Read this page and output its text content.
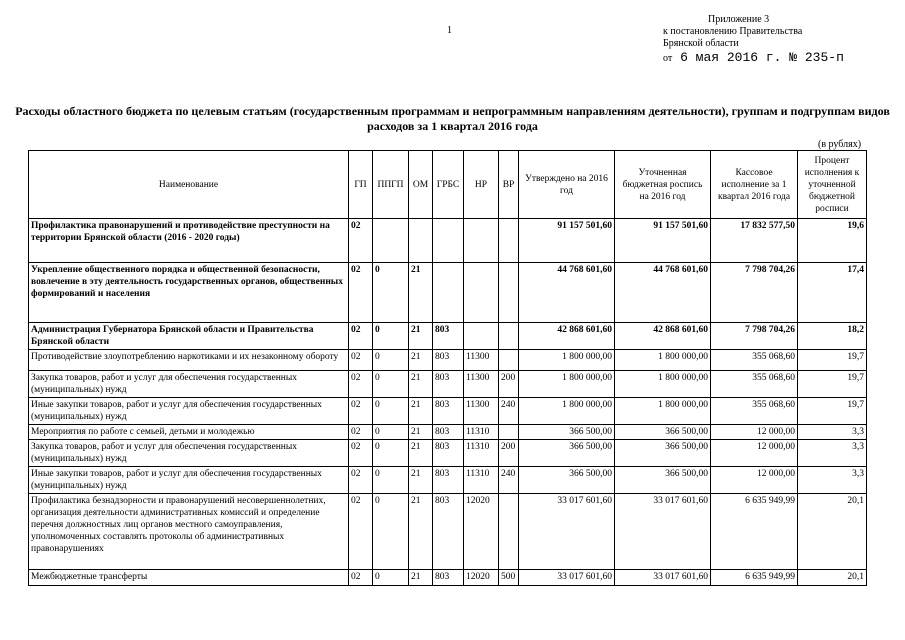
1
Приложение 3
к постановлению Правительства
Брянской области
от 6 мая 2016 г. № 235-п
Расходы областного бюджета по целевым статьям (государственным программам и непрограммным направлениям деятельности), группам и подгруппам видов расходов за 1 квартал 2016 года
(в рублях)
Наименование	ГП	ППГП	ОМ	ГРБС	НР	ВР	Утверждено на 2016 год	Уточненная бюджетная роспись на 2016 год	Кассовое исполнение за 1 квартал 2016 года	Процент исполнения к уточненной бюджетной росписи
Профилактика правонарушений и противодействие преступности на территории Брянской области (2016 - 2020 годы)	02						91 157 501,60	91 157 501,60	17 832 577,50	19,6
Укрепление общественного порядка и общественной безопасности, вовлечение в эту деятельность государственных органов, общественных формирований и населения	02	0	21				44 768 601,60	44 768 601,60	7 798 704,26	17,4
Администрация Губернатора Брянской области и Правительства Брянской области	02	0	21	803			42 868 601,60	42 868 601,60	7 798 704,26	18,2
Противодействие злоупотреблению наркотиками и их незаконному обороту	02	0	21	803	11300		1 800 000,00	1 800 000,00	355 068,60	19,7
Закупка товаров, работ и услуг для обеспечения государственных (муниципальных) нужд	02	0	21	803	11300	200	1 800 000,00	1 800 000,00	355 068,60	19,7
Иные закупки товаров, работ и услуг для обеспечения государственных (муниципальных) нужд	02	0	21	803	11300	240	1 800 000,00	1 800 000,00	355 068,60	19,7
Мероприятия по работе с семьей, детьми и молодежью	02	0	21	803	11310		366 500,00	366 500,00	12 000,00	3,3
Закупка товаров, работ и услуг для обеспечения государственных (муниципальных) нужд	02	0	21	803	11310	200	366 500,00	366 500,00	12 000,00	3,3
Иные закупки товаров, работ и услуг для обеспечения государственных (муниципальных) нужд	02	0	21	803	11310	240	366 500,00	366 500,00	12 000,00	3,3
Профилактика безнадзорности и правонарушений несовершеннолетних, организация деятельности административных комиссий и определение перечня должностных лиц органов местного самоуправления, уполномоченных составлять протоколы об административных правонарушениях	02	0	21	803	12020		33 017 601,60	33 017 601,60	6 635 949,99	20,1
Межбюджетные трансферты	02	0	21	803	12020	500	33 017 601,60	33 017 601,60	6 635 949,99	20,1
